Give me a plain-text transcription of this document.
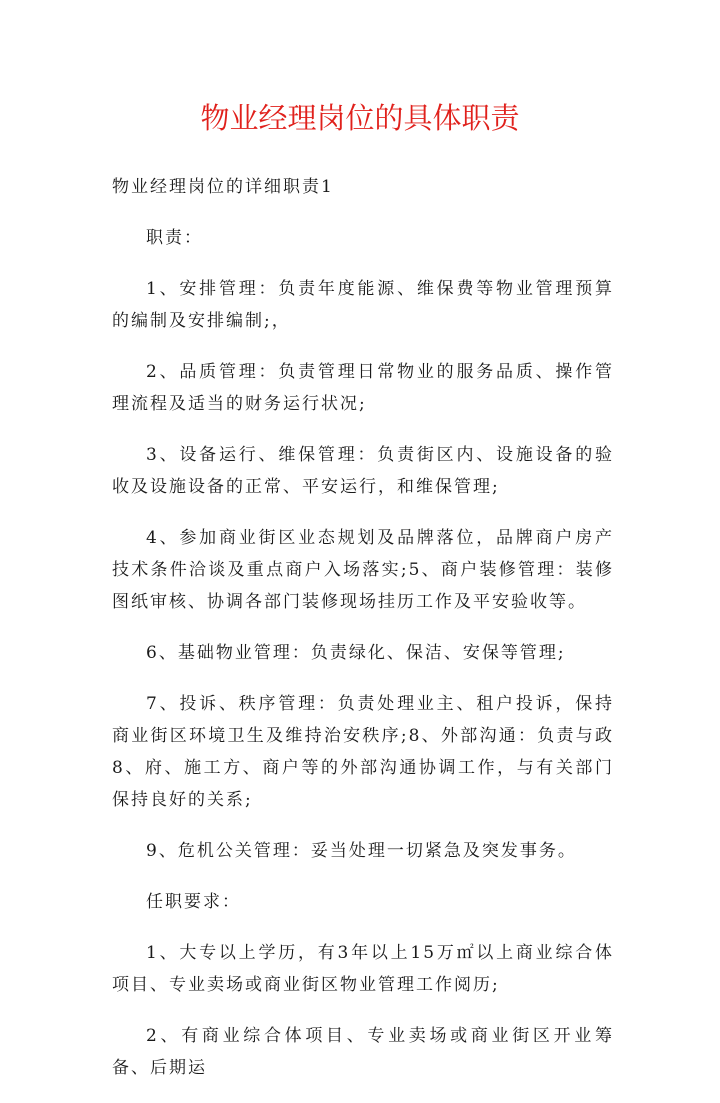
物业经理岗位的具体职责

物业经理岗位的详细职责1

职责：

1、安排管理：负责年度能源、维保费等物业管理预算的编制及安排编制;，

2、品质管理：负责管理日常物业的服务品质、操作管理流程及适当的财务运行状况;

3、设备运行、维保管理：负责街区内、设施设备的验收及设施设备的正常、平安运行，和维保管理;

4、参加商业街区业态规划及品牌落位，品牌商户房产技术条件洽谈及重点商户入场落实;5、商户装修管理：装修图纸审核、协调各部门装修现场挂历工作及平安验收等。

6、基础物业管理：负责绿化、保洁、安保等管理;

7、投诉、秩序管理：负责处理业主、租户投诉，保持商业街区环境卫生及维持治安秩序;8、外部沟通：负责与政8、府、施工方、商户等的外部沟通协调工作，与有关部门保持良好的关系;

9、危机公关管理：妥当处理一切紧急及突发事务。

任职要求：

1、大专以上学历，有3年以上15万㎡以上商业综合体项目、专业卖场或商业街区物业管理工作阅历;

2、有商业综合体项目、专业卖场或商业街区开业筹备、后期运
